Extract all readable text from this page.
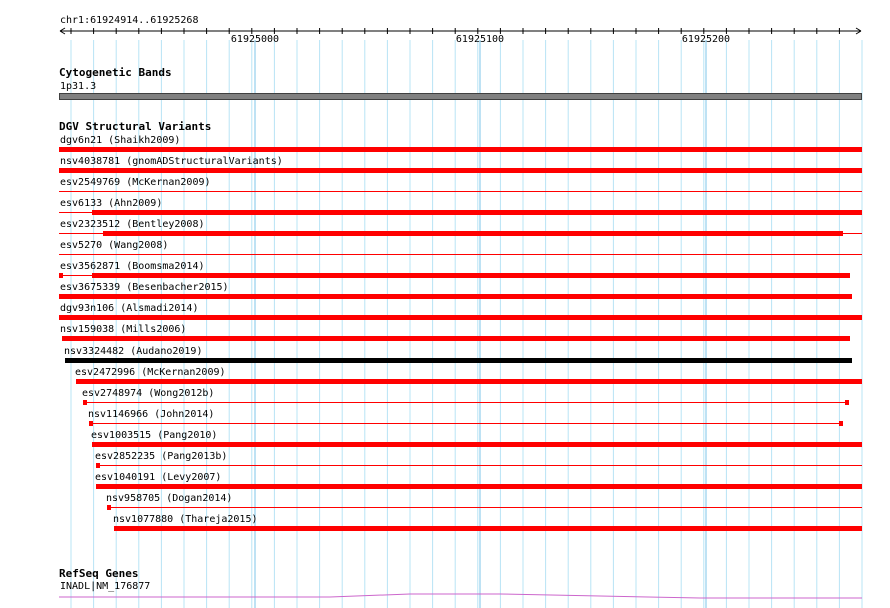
chr1:61924914..61925268
61925000	61925100	61925200
Cytogenetic Bands
1p31.3
DGV Structural Variants
dgv6n21 (Shaikh2009)
nsv4038781 (gnomADStructuralVariants)
esv2549769 (McKernan2009)
esv6133 (Ahn2009)
esv2323512 (Bentley2008)
esv5270 (Wang2008)
esv3562871 (Boomsma2014)
esv3675339 (Besenbacher2015)
dgv93n106 (Alsmadi2014)
nsv159038 (Mills2006)
nsv3324482 (Audano2019)
esv2472996 (McKernan2009)
esv2748974 (Wong2012b)
nsv1146966 (John2014)
esv1003515 (Pang2010)
esv2852235 (Pang2013b)
esv1040191 (Levy2007)
nsv958705 (Dogan2014)
nsv1077880 (Thareja2015)
RefSeq Genes
INADL|NM_176877
